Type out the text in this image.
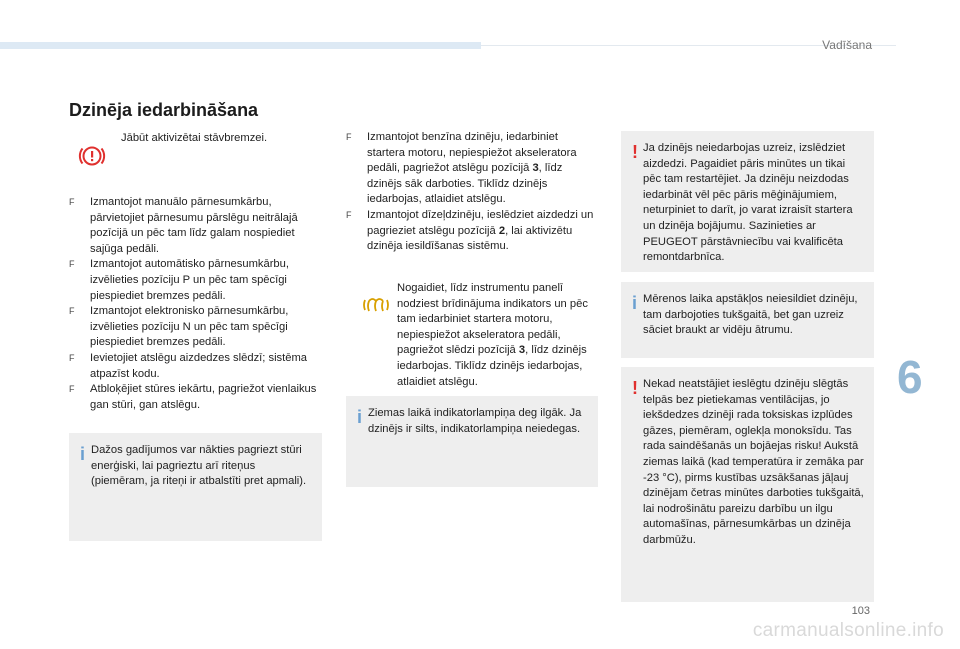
Vadīšana
6
Dzinēja iedarbināšana
Jābūt aktivizētai stāvbremzei.
F Izmantojot manuālo pārnesumkārbu, pārvietojiet pārnesumu pārslēgu neitrālajā pozīcijā un pēc tam līdz galam nospiediet sajūga pedāli.
F Izmantojot automātisko pārnesumkārbu, izvēlieties pozīciju P un pēc tam spēcīgi piespiediet bremzes pedāli.
F Izmantojot elektronisko pārnesumkārbu, izvēlieties pozīciju N un pēc tam spēcīgi piespiediet bremzes pedāli.
F Ievietojiet atslēgu aizdedzes slēdzī; sistēma atpazīst kodu.
F Atbloķējiet stūres iekārtu, pagriežot vienlaikus gan stūri, gan atslēgu.
i Dažos gadījumos var nākties pagriezt stūri enerģiski, lai pagrieztu arī riteņus (piemēram, ja riteņi ir atbalstīti pret apmali).
F Izmantojot benzīna dzinēju, iedarbiniet startera motoru, nepiespiežot akseleratora pedāli, pagriežot atslēgu pozīcijā 3, līdz dzinējs sāk darboties. Tiklīdz dzinējs iedarbojas, atlaidiet atslēgu.
F Izmantojot dīzeļdzinēju, ieslēdziet aizdedzi un pagrieziet atslēgu pozīcijā 2, lai aktivizētu dzinēja iesildīšanas sistēmu.
Nogaidiet, līdz instrumentu panelī nodziest brīdinājuma indikators un pēc tam iedarbiniet startera motoru, nepiespiežot akseleratora pedāli, pagriežot slēdzi pozīcijā 3, līdz dzinējs iedarbojas. Tiklīdz dzinējs iedarbojas, atlaidiet atslēgu.
i Ziemas laikā indikatorlampiņa deg ilgāk. Ja dzinējs ir silts, indikatorlampiņa neiedegas.
! Ja dzinējs neiedarbojas uzreiz, izslēdziet aizdedzi. Pagaidiet pāris minūtes un tikai pēc tam restartējiet. Ja dzinēju neizdodas iedarbināt vēl pēc pāris mēģinājumiem, neturpiniet to darīt, jo varat izraisīt startera un dzinēja bojājumu. Sazinieties ar PEUGEOT pārstāvniecību vai kvalificēta remontdarbnīca.
i Mērenos laika apstākļos neiesildiet dzinēju, tam darbojoties tukšgaitā, bet gan uzreiz sāciet braukt ar vidēju ātrumu.
! Nekad neatstājiet ieslēgtu dzinēju slēgtās telpās bez pietiekamas ventilācijas, jo iekšdedzes dzinēji rada toksiskas izplūdes gāzes, piemēram, oglekļa monoksīdu. Tas rada saindēšanās un bojāejas risku! Aukstā ziemas laikā (kad temperatūra ir zemāka par -23 °C), pirms kustības uzsākšanas jāļauj dzinējam četras minūtes darboties tukšgaitā, lai nodrošinātu pareizu darbību un ilgu automašīnas, pārnesumkārbas un dzinēja darbmūžu.
103
carmanualsonline.info
